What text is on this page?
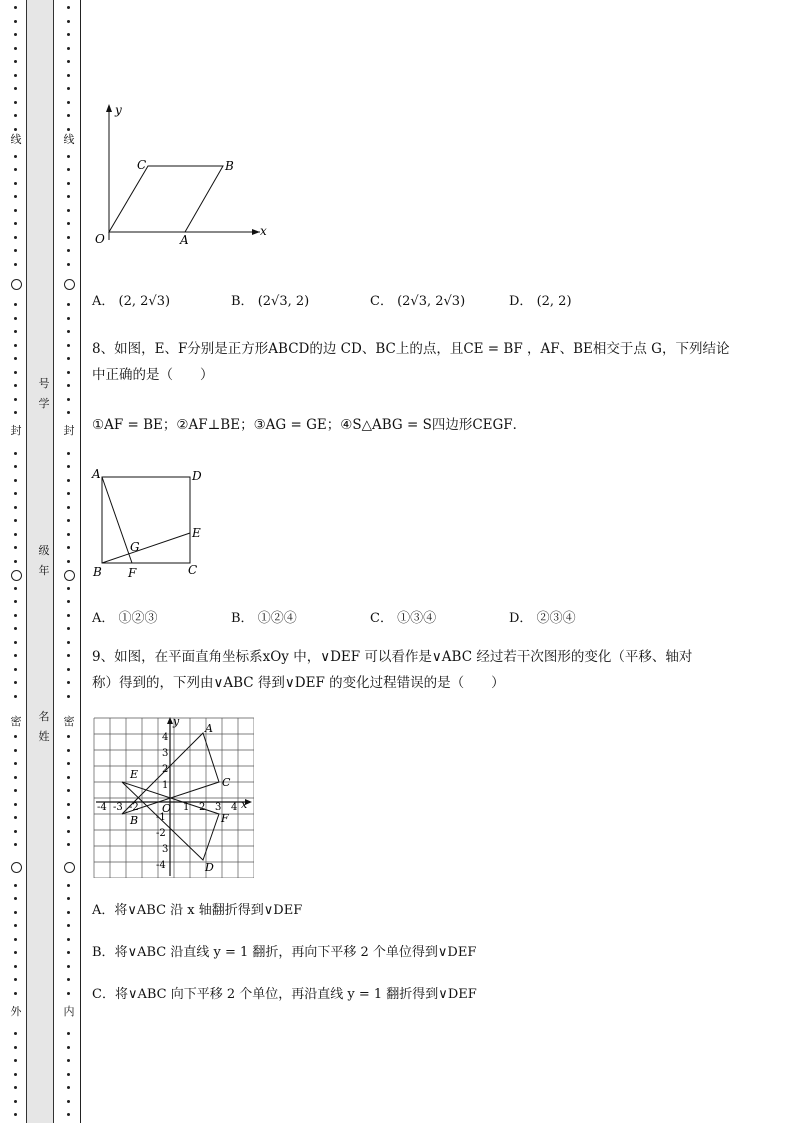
线
封
密
外
线
封
密
内
号
学
级
年
名
姓
y
x
O	A
B
C
A． (2, 2√3)	B． (2√3, 2)	C． (2√3, 2√3)	D． (2, 2)
8、如图，E、F分别是正方形ABCD的边 CD、BC上的点，且CE = BF ，AF、BE相交于点 G，下列结论
中正确的是（　　）
①AF = BE；②AF⊥BE；③AG = GE；④S△ABG = S四边形CEGF．
A	D
B	C
E
F
G
A． ①②③	B． ①②④	C． ①③④	D． ②③④
9、如图，在平面直角坐标系xOy 中，∨DEF 可以看作是∨ABC 经过若干次图形的变化（平移、轴对
称）得到的，下列由∨ABC 得到∨DEF 的变化过程错误的是（　　）
A
B
C
D
E
F
O	x
y
-4 -3 -2	1 2 3 4
4
3
2
1
-1
-2
3
-4
A．将∨ABC 沿 x 轴翻折得到∨DEF
B．将∨ABC 沿直线 y = 1 翻折，再向下平移 2 个单位得到∨DEF
C．将∨ABC 向下平移 2 个单位，再沿直线 y = 1 翻折得到∨DEF
